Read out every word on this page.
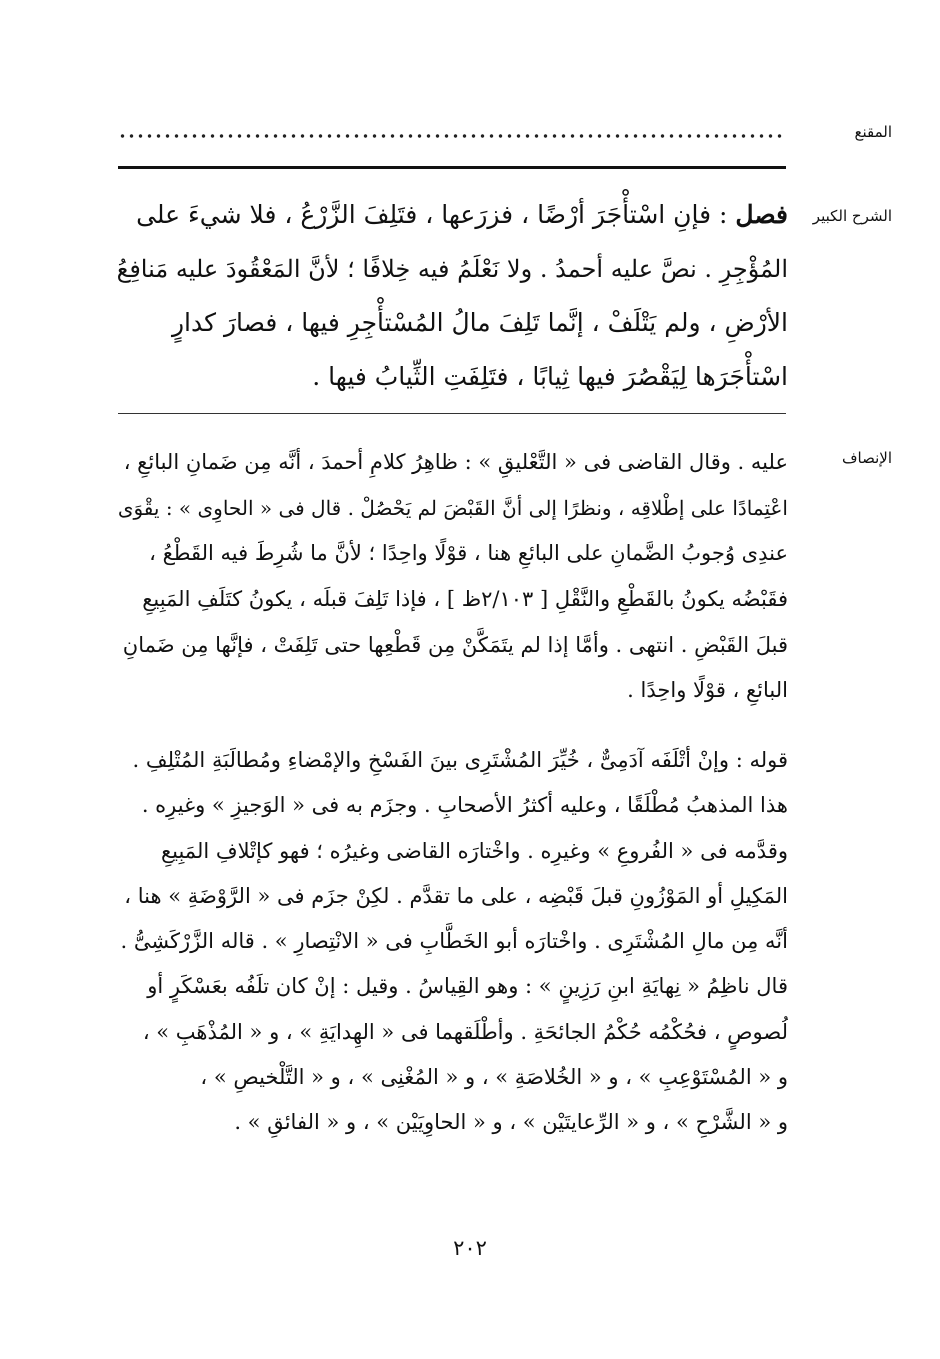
المقنع
الشرح الكبير
فصل : فإنِ اسْتأْجَرَ أرْضًا ، فزرَعها ، فتَلِفَ الزَّرْعُ ، فلا شيءَ على
المُؤْجِرِ . نصَّ عليه أحمدُ . ولا نَعْلَمُ فيه خِلافًا ؛ لأنَّ المَعْقُودَ عليه مَنافِعُ
الأرْضِ ، ولم يَتْلَفْ ، إنَّما تَلِفَ مالُ المُسْتأْجِرِ فيها ، فصارَ كدارٍ
اسْتأْجَرَها لِيَقْصُرَ فيها ثِيابًا ، فتَلِفَتِ الثِّيابُ فيها .
الإنصاف
عليه . وقال القاضى فى « التَّعْليقِ » : ظاهِرُ كلامِ أحمدَ ، أنَّه مِن ضَمانِ البائعِ ،
اعْتِمادًا على إطْلاقِه ، ونظرًا إلى أنَّ القَبْضَ لم يَحْصُلْ . قال فى « الحاوِى » : يقْوَى
عندِى وُجوبُ الضَّمانِ على البائعِ هنا ، قوْلًا واحِدًا ؛ لأنَّ ما شُرِطَ فيه القَطْعُ ،
فقَبْضُه يكونُ بالقَطْعِ والنَّقْلِ [ ٢/١٠٣ظ ] ، فإذا تَلِفَ قبلَه ، يكونُ كتَلَفِ المَبِيعِ
قبلَ القَبْضِ . انتهى . وأمَّا إذا لم يتَمَكَّنْ مِن قَطْعِها حتى تَلِفَتْ ، فإنَّها مِن ضَمانِ
البائعِ ، قوْلًا واحِدًا .
قوله : وإنْ أتْلَفَه آدَمِىٌّ ، خُيِّرَ المُشْتَرِى بينَ الفَسْخِ والإمْضاءِ ومُطالَبَةِ المُتْلِفِ .
هذا المذهبُ مُطْلَقًا ، وعليه أكثرُ الأصحابِ . وجزَم به فى « الوَجيزِ » وغيرِه .
وقدَّمه فى « الفُروعِ » وغيرِه . واخْتارَه القاضى وغيرُه ؛ فهو كإتْلافِ المَبِيعِ
المَكِيلِ أو المَوْزُونِ قبلَ قَبْضِه ، على ما تقدَّم . لكِنْ جزَم فى « الرَّوْضَةِ » هنا ،
أنَّه مِن مالِ المُشْتَرِى . واخْتارَه أبو الخَطَّابِ فى « الانْتِصارِ » . قاله الزَّرْكَشِىُّ .
قال ناظِمُ « نِهايَةِ ابنِ رَزِينٍ » : وهو القِياسُ . وقيل : إنْ كان تلَفُه بعَسْكَرٍ أو
لُصوصٍ ، فحُكْمُه حُكْمُ الجائحَةِ . وأطْلَقهما فى « الهِدايَةِ » ، و « المُذْهَبِ » ،
و « المُسْتَوْعِبِ » ، و « الخُلاصَةِ » ، و « المُغْنِى » ، و « التَّلْخيصِ » ،
و « الشَّرْحِ » ، و « الرِّعايتَيْن » ، و « الحاوِيَيْن » ، و « الفائقِ » .
٢٠٢
